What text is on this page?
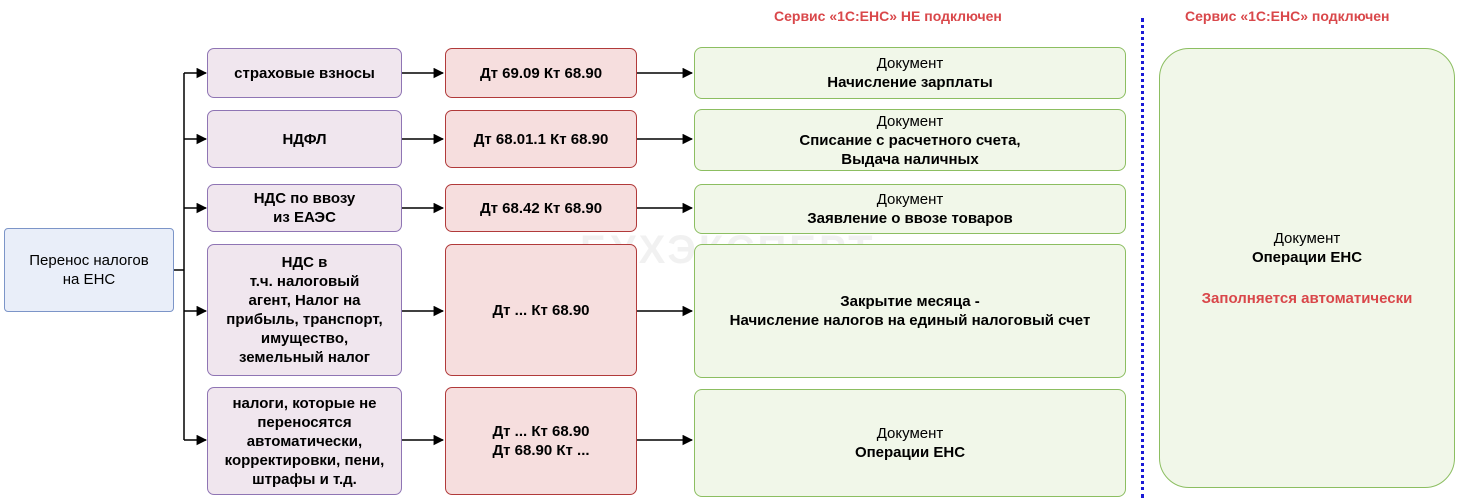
Сервис «1С:ЕНС» НЕ подключен	Сервис «1С:ЕНС» подключен
Перенос налогов
на ЕНС
страховые взносы	Дт 69.09 Кт 68.90
Документ
Начисление зарплаты
НДФЛ	Дт 68.01.1 Кт 68.90
Документ
Списание с расчетного счета,
Выдача наличных
НДС по ввозу
из ЕАЭС
Дт 68.42 Кт 68.90	Документ
Заявление о ввозе товаров
НДС в
т.ч. налоговый
агент, Налог на
прибыль, транспорт,
имущество,
земельный налог
Дт ... Кт 68.90	Закрытие месяца -
Начисление налогов на единый налоговый счет
налоги, которые не
переносятся
автоматически,
корректировки, пени,
штрафы и т.д.
Дт ... Кт 68.90
Дт 68.90 Кт ...
Документ
Операции ЕНС
Документ
Операции ЕНС
Заполняется автоматически
